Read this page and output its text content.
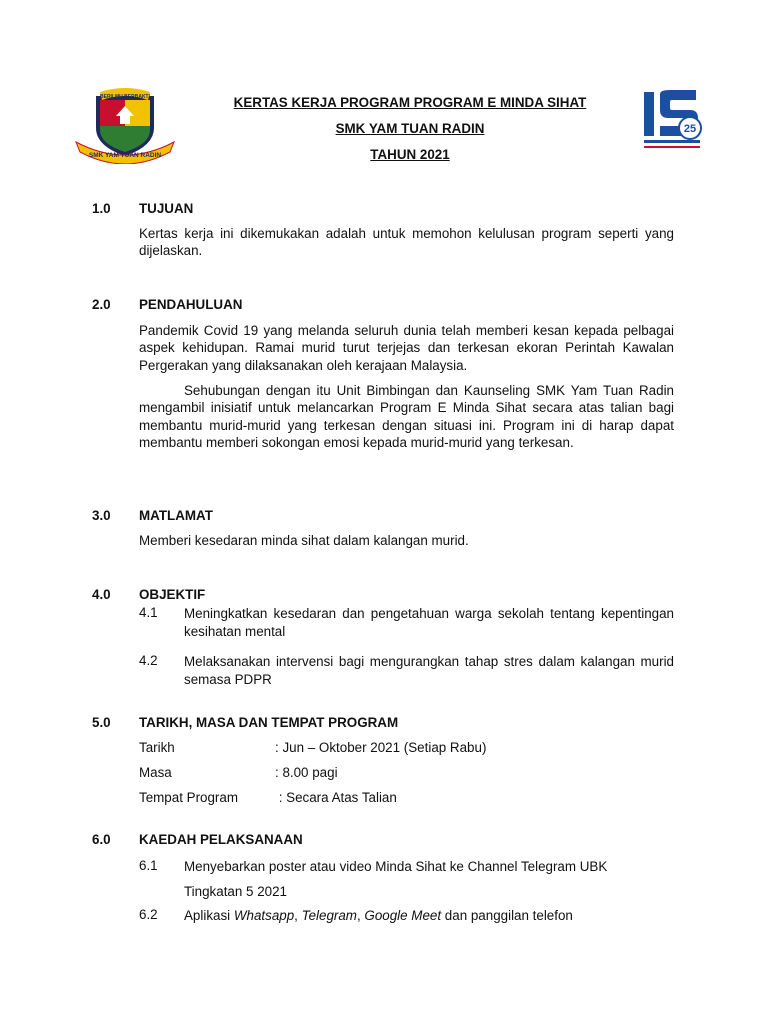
BERILMU BERBAKTI
SMK YAM TUAN RADIN
KERTAS KERJA PROGRAM PROGRAM E MINDA SIHAT
SMK YAM TUAN RADIN
TAHUN 2021
25
1.0 TUJUAN
Kertas kerja ini dikemukakan adalah untuk memohon kelulusan program seperti yang dijelaskan.
2.0 PENDAHULUAN
Pandemik Covid 19 yang melanda seluruh dunia telah memberi kesan kepada pelbagai aspek kehidupan. Ramai murid turut terjejas dan terkesan ekoran Perintah Kawalan Pergerakan yang dilaksanakan oleh kerajaan Malaysia.
Sehubungan dengan itu Unit Bimbingan dan Kaunseling SMK Yam Tuan Radin mengambil inisiatif untuk melancarkan Program E Minda Sihat secara atas talian bagi membantu murid-murid yang terkesan dengan situasi ini. Program ini di harap dapat membantu memberi sokongan emosi kepada murid-murid yang terkesan.
3.0 MATLAMAT
Memberi kesedaran minda sihat dalam kalangan murid.
4.0 OBJEKTIF
4.1 Meningkatkan kesedaran dan pengetahuan warga sekolah tentang kepentingan kesihatan mental
4.2 Melaksanakan intervensi bagi mengurangkan tahap stres dalam kalangan murid semasa PDPR
5.0 TARIKH, MASA DAN TEMPAT PROGRAM
Tarikh	: Jun – Oktober 2021 (Setiap Rabu)
Masa	: 8.00 pagi
Tempat Program	: Secara Atas Talian
6.0 KAEDAH PELAKSANAAN
6.1 Menyebarkan poster atau video Minda Sihat ke Channel Telegram UBK
Tingkatan 5 2021
6.2 Aplikasi Whatsapp, Telegram, Google Meet dan panggilan telefon
